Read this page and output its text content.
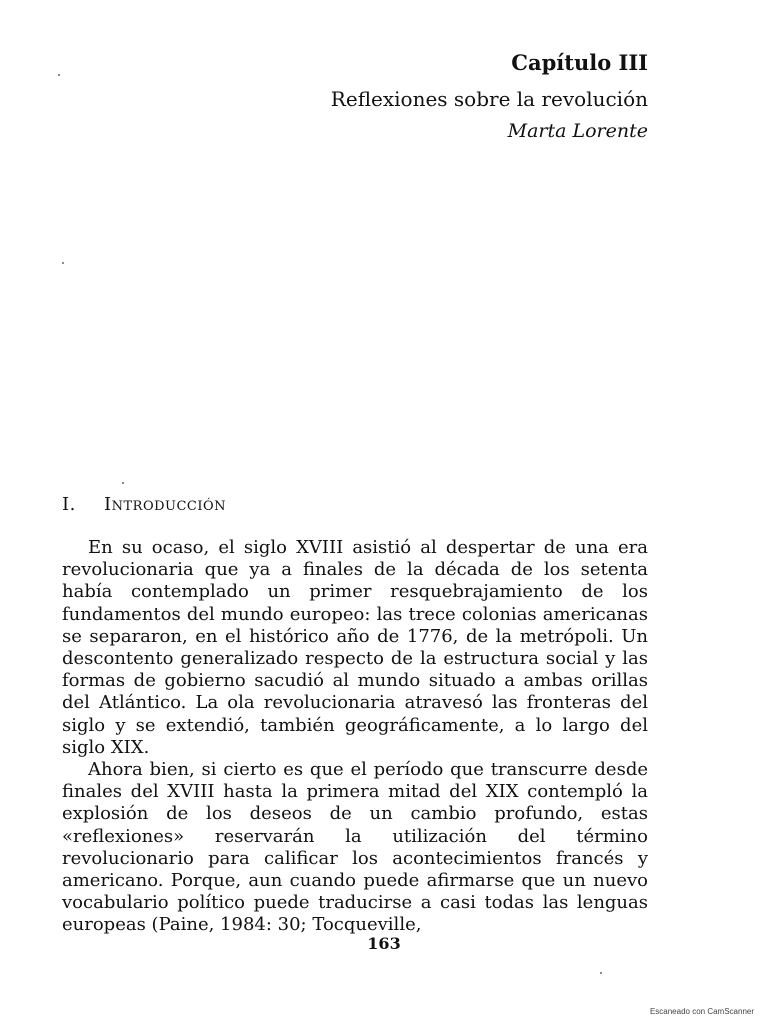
Capítulo III
Reflexiones sobre la revolución
Marta Lorente
I. Introducción

En su ocaso, el siglo XVIII asistió al despertar de una era revolucionaria que ya a finales de la década de los setenta había contemplado un primer resquebrajamiento de los fundamentos del mundo europeo: las trece colonias americanas se separaron, en el histórico año de 1776, de la metrópoli. Un descontento generalizado respecto de la estructura social y las formas de gobierno sacudió al mundo situado a ambas orillas del Atlántico. La ola revolucionaria atravesó las fronteras del siglo y se extendió, también geográficamente, a lo largo del siglo XIX.

Ahora bien, si cierto es que el período que transcurre desde finales del XVIII hasta la primera mitad del XIX contempló la explosión de los deseos de un cambio profundo, estas «reflexiones» reservarán la utilización del término revolucionario para calificar los acontecimientos francés y americano. Porque, aun cuando puede afirmarse que un nuevo vocabulario político puede traducirse a casi todas las lenguas europeas (Paine, 1984: 30; Tocqueville,

163
Escaneado con CamScanner
